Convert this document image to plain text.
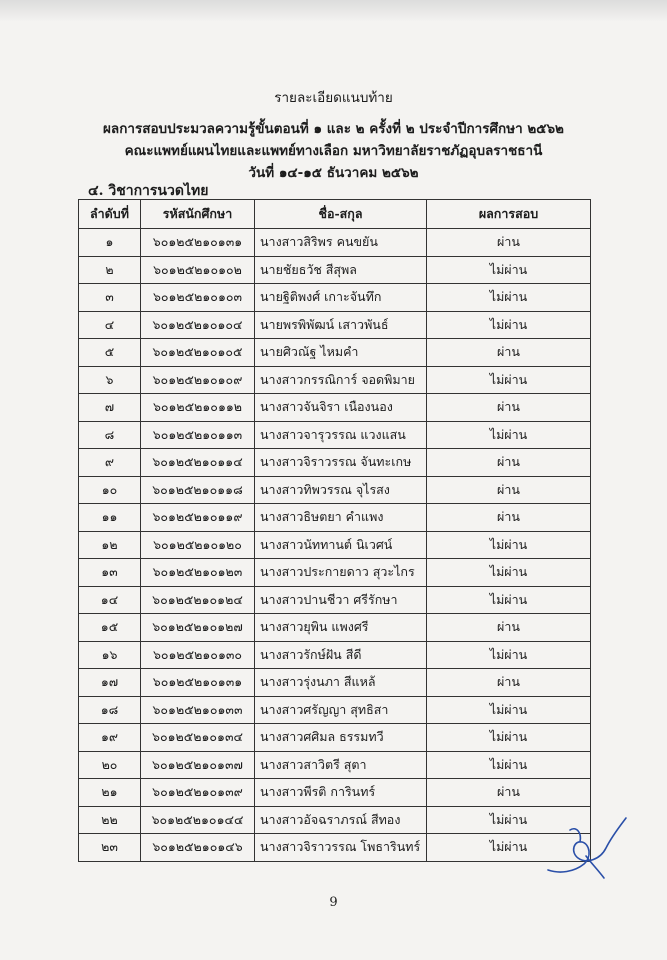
รายละเอียดแนบท้าย
ผลการสอบประมวลความรู้ขั้นตอนที่ ๑ และ ๒ ครั้งที่ ๒ ประจำปีการศึกษา ๒๕๖๒
คณะแพทย์แผนไทยและแพทย์ทางเลือก มหาวิทยาลัยราชภัฏอุบลราชธานี
วันที่ ๑๔-๑๕ ธันวาคม ๒๕๖๒
๔. วิชาการนวดไทย
ลำดับที่	รหัสนักศึกษา	ชื่อ-สกุล	ผลการสอบ
๑	๖๐๑๒๕๒๑๐๑๓๑	นางสาวสิริพร คนขยัน	ผ่าน
๒	๖๐๑๒๕๒๑๐๑๐๒	นายชัยธวัช สีสุพล	ไม่ผ่าน
๓	๖๐๑๒๕๒๑๐๑๐๓	นายฐิติพงศ์ เกาะจันทึก	ไม่ผ่าน
๔	๖๐๑๒๕๒๑๐๑๐๔	นายพรพิพัฒน์ เสาวพันธ์	ไม่ผ่าน
๕	๖๐๑๒๕๒๑๐๑๐๕	นายศิวณัฐ ไหมคำ	ผ่าน
๖	๖๐๑๒๕๒๑๐๑๐๙	นางสาวกรรณิการ์ จอดพิมาย	ไม่ผ่าน
๗	๖๐๑๒๕๒๑๐๑๑๒	นางสาวจันจิรา เนืองนอง	ผ่าน
๘	๖๐๑๒๕๒๑๐๑๑๓	นางสาวจารุวรรณ แวงแสน	ไม่ผ่าน
๙	๖๐๑๒๕๒๑๐๑๑๔	นางสาวจิราวรรณ จันทะเกษ	ผ่าน
๑๐	๖๐๑๒๕๒๑๐๑๑๘	นางสาวทิพวรรณ จุไรสง	ผ่าน
๑๑	๖๐๑๒๕๒๑๐๑๑๙	นางสาวธิษตยา คำแพง	ผ่าน
๑๒	๖๐๑๒๕๒๑๐๑๒๐	นางสาวนัททานต์ นิเวศน์	ไม่ผ่าน
๑๓	๖๐๑๒๕๒๑๐๑๒๓	นางสาวประกายดาว สุวะไกร	ไม่ผ่าน
๑๔	๖๐๑๒๕๒๑๐๑๒๔	นางสาวปานชีวา ศรีรักษา	ไม่ผ่าน
๑๕	๖๐๑๒๕๒๑๐๑๒๗	นางสาวยุพิน แพงศรี	ผ่าน
๑๖	๖๐๑๒๕๒๑๐๑๓๐	นางสาวรักษ์ฝัน สีดี	ไม่ผ่าน
๑๗	๖๐๑๒๕๒๑๐๑๓๑	นางสาวรุ่งนภา สีแหล้	ผ่าน
๑๘	๖๐๑๒๕๒๑๐๑๓๓	นางสาวศรัญญา สุทธิสา	ไม่ผ่าน
๑๙	๖๐๑๒๕๒๑๐๑๓๔	นางสาวศศิมล ธรรมทวี	ไม่ผ่าน
๒๐	๖๐๑๒๕๒๑๐๑๓๗	นางสาวสาวิตรี สุตา	ไม่ผ่าน
๒๑	๖๐๑๒๕๒๑๐๑๓๙	นางสาวพีรติ การินทร์	ผ่าน
๒๒	๖๐๑๒๕๒๑๐๑๔๔	นางสาวอัจฉราภรณ์ สีทอง	ไม่ผ่าน
๒๓	๖๐๑๒๕๒๑๐๑๔๖	นางสาวจิราวรรณ โพธารินทร์	ไม่ผ่าน
9
